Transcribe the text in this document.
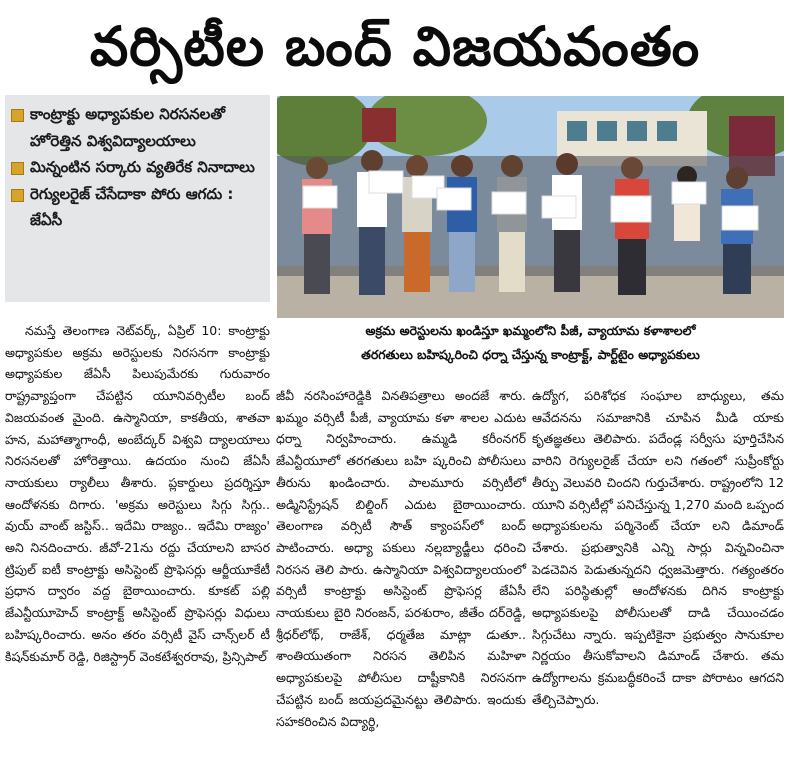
వర్సిటీల బంద్ విజయవంతం
కాంట్రాక్టు అధ్యాపకుల నిరసనలతో హోరెత్తిన విశ్వవిద్యాలయాలు
మిన్నంటిన సర్కారు వ్యతిరేక నినాదాలు
రెగ్యులరైజ్ చేసేదాకా పోరు ఆగదు : జేఏసీ
అక్రమ అరెస్టులను ఖండిస్తూ ఖమ్మంలోని పీజీ, వ్యాయామ కళాశాలలో
తరగతులు బహిష్కరించి ధర్నా చేస్తున్న కాంట్రాక్ట్, పార్ట్‌టైం అధ్యాపకులు

నమస్తే తెలంగాణ నెట్‌వర్క్, ఏప్రిల్ 10: కాంట్రాక్టు అధ్యాపకుల అక్రమ అరెస్టులకు నిరసనగా కాంట్రాక్టు అధ్యాపకుల జేఏసీ పిలుపుమేరకు గురువారం రాష్ట్రవ్యాప్తంగా చేపట్టిన యూనివర్సిటీల బంద్ విజయవంత మైంది. ఉస్మానియా, కాకతీయ, శాతవా హన, మహాత్మాగాంధీ, అంబేద్కర్ విశ్వవి ద్యాలయాలు నిరసనలతో హోరెత్తాయి. ఉదయం నుంచి జేఏసీ నాయకులు ర్యాలీలు తీశారు. ప్లకార్డులు ప్రదర్శిస్తూ ఆందోళనకు దిగారు. 'అక్రమ అరెస్టులు సిగ్గు సిగ్గు.. వుయ్ వాంట్ జస్టిస్.. ఇదేమి రాజ్యం.. ఇదేమి రాజ్యం' అని నినదించారు. జీవో-21ను రద్దు చేయాలని బాసర ట్రిపుల్ ఐటీ కాంట్రాక్టు అసిస్టెంట్ ప్రొఫెసర్లు ఆర్జీయూకేటీ ప్రధాన ద్వారం వద్ద బైఠాయించారు. కూకట్ పల్లి జేఎన్టీయూహెచ్ కాంట్రాక్ట్ అసిస్టెంట్ ప్రొఫెసర్లు విధులు బహిష్కరించారు. అనం తరం వర్సిటీ వైస్ చాన్స్‌లర్ టీ కిషన్‌కుమార్ రెడ్డి, రిజిస్ట్రార్ వెంకటేశ్వరరావు, ప్రిన్సిపాల్

జీవీ నరసింహారెడ్డికి వినతిపత్రాలు అందజే శారు. ఖమ్మం వర్సిటీ పీజీ, వ్యాయామ కళా శాలల ఎదుట ధర్నా నిర్వహించారు. ఉమ్మడి కరీంనగర్ జేఎన్టీయూలో తరగతులు బహి ష్కరించి పోలీసులు తీరును ఖండించారు. పాలమూరు వర్సిటీలో అడ్మినిస్ట్రేషన్ బిల్డింగ్ ఎదుట బైఠాయించారు. తెలంగాణ వర్సిటీ సౌత్ క్యాంపస్‌లో బంద్ పాటించారు. అధ్యా పకులు నల్లబ్యాడ్జీలు ధరించి నిరసన తెలి పారు. ఉస్మానియా విశ్వవిద్యాలయంలో వర్సిటీ కాంట్రాక్టు అసిస్టెంట్ ప్రొఫెసర్ల జేఏసీ నాయకులు బైరి నిరంజన్, పరశురాం, జీతేం దర్‌రెడ్డి, శ్రీధర్‌లోథ్, రాజేశ్, ధర్మతేజ మాట్లా డుతూ.. శాంతియుతంగా నిరసన తెలిపిన మహిళా అధ్యాపకులపై పోలీసుల దాష్టీకానికి నిరసనగా చేపట్టిన బంద్ జయప్రదమైనట్టు తెలిపారు. ఇందుకు సహకరించిన విద్యార్థి,

ఉద్యోగ, పరిశోధక సంఘాల బాధ్యులు, తమ ఆవేదనను సమాజానికి చూపిన మీడి యాకు కృతజ్ఞతలు తెలిపారు. పదేండ్ల సర్వీసు పూర్తిచేసిన వారిని రెగ్యులరైజ్ చేయా లని గతంలో సుప్రీంకోర్టు తీర్పు వెలువరి చిందని గుర్తుచేశారు. రాష్ట్రంలోని 12 యూని వర్సిటీల్లో పనిచేస్తున్న 1,270 మంది ఒప్పంద అధ్యాపకులను పర్మినెంట్ చేయా లని డిమాండ్ చేశారు. ప్రభుత్వానికి ఎన్ని సార్లు విన్నవించినా పెడచెవిన పెడుతున్నదని ధ్వజమెత్తారు. గత్యంతరం లేని పరిస్థితుల్లో ఆందోళనకు దిగిన కాంట్రాక్టు అధ్యాపకులపై పోలీసులతో దాడి చేయించడం సిగ్గుచేటు న్నారు. ఇప్పటికైనా ప్రభుత్వం సానుకూల నిర్ణయం తీసుకోవాలని డిమాండ్ చేశారు. తమ ఉద్యోగాలను క్రమబద్ధీకరించే దాకా పోరాటం ఆగదని తేల్చిచెప్పారు.
